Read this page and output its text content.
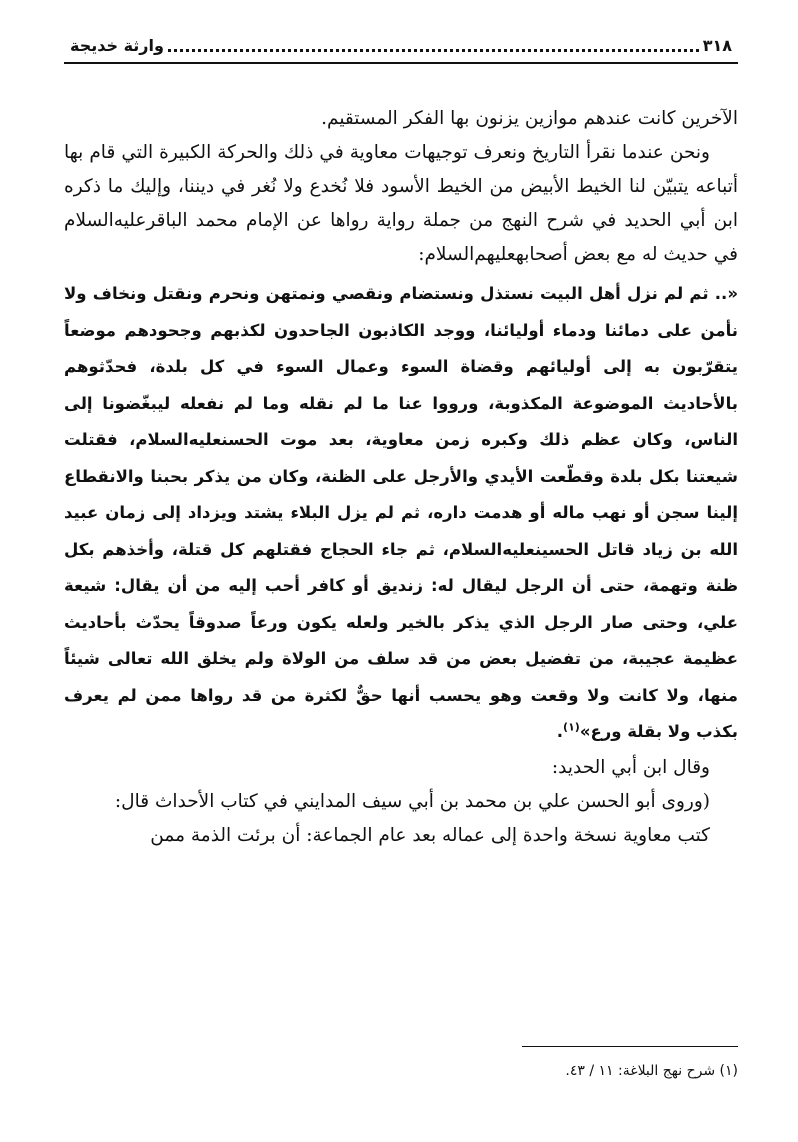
٣١٨
وارثة خديجة

الآخرين كانت عندهم موازين يزنون بها الفكر المستقيم.

ونحن عندما نقرأ التاريخ ونعرف توجيهات معاوية في ذلك والحركة الكبيرة التي قام بها أتباعه يتبيّن لنا الخيط الأبيض من الخيط الأسود فلا نُخدع ولا نُغر في ديننا، وإليك ما ذكره ابن أبي الحديد في شرح النهج من جملة رواية رواها عن الإمام محمد الباقرعليه‌السلام في حديث له مع بعض أصحابهعليهم‌السلام:

«.. ثم لم نزل أهل البيت نستذل ونستضام ونقصي ونمتهن ونحرم ونقتل ونخاف ولا نأمن على دمائنا ودماء أوليائنا، ووجد الكاذبون الجاحدون لكذبهم وجحودهم موضعاً يتقرّبون به إلى أوليائهم وقضاة السوء وعمال السوء في كل بلدة، فحدّثوهم بالأحاديث الموضوعة المكذوبة، ورووا عنا ما لم نقله وما لم نفعله ليبغّضونا إلى الناس، وكان عظم ذلك وكبره زمن معاوية، بعد موت الحسنعليه‌السلام، فقتلت شيعتنا بكل بلدة وقطّعت الأيدي والأرجل على الظنة، وكان من يذكر بحبنا والانقطاع إلينا سجن أو نهب ماله أو هدمت داره، ثم لم يزل البلاء يشتد ويزداد إلى زمان عبيد الله بن زياد قاتل الحسينعليه‌السلام، ثم جاء الحجاج فقتلهم كل قتلة، وأخذهم بكل ظنة وتهمة، حتى أن الرجل ليقال له: زنديق أو كافر أحب إليه من أن يقال: شيعة علي، وحتى صار الرجل الذي يذكر بالخير ولعله يكون ورعاً صدوقاً يحدّث بأحاديث عظيمة عجيبة، من تفضيل بعض من قد سلف من الولاة ولم يخلق الله تعالى شيئاً منها، ولا كانت ولا وقعت وهو يحسب أنها حقٌّ لكثرة من قد رواها ممن لم يعرف بكذب ولا بقلة ورع»$^{(١)}$.

وقال ابن أبي الحديد:

(وروى أبو الحسن علي بن محمد بن أبي سيف المدايني في كتاب الأحداث قال:

كتب معاوية نسخة واحدة إلى عماله بعد عام الجماعة: أن برئت الذمة ممن

(١) شرح نهج البلاغة: ١١ / ٤٣.
